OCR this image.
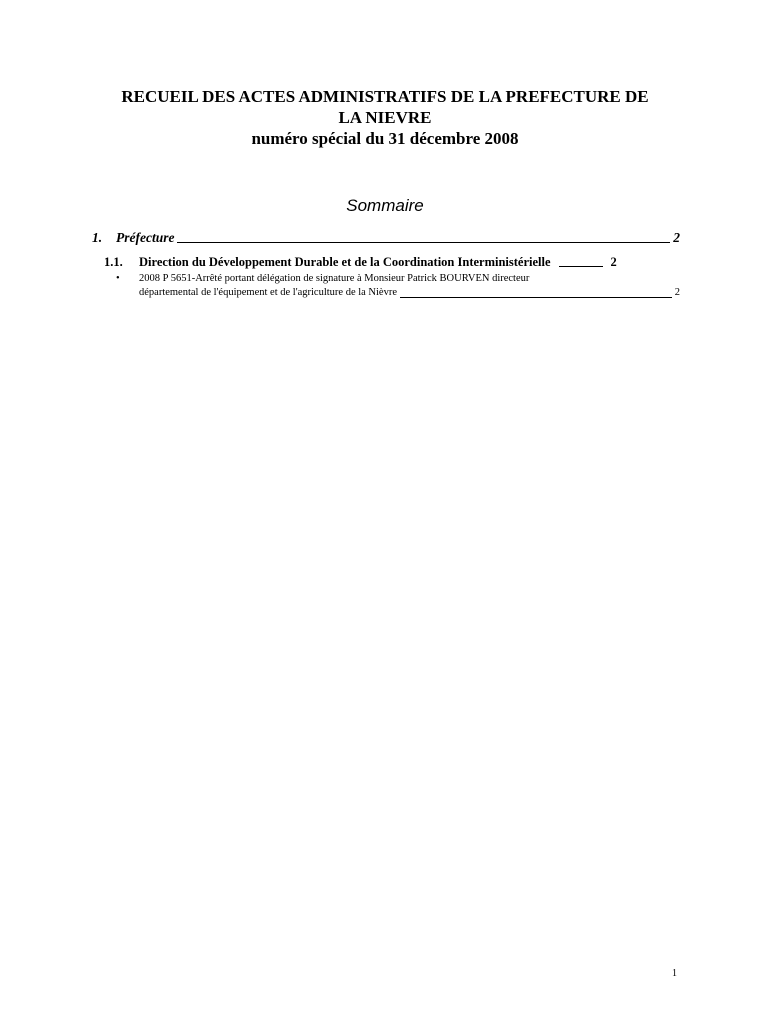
RECUEIL DES ACTES ADMINISTRATIFS DE LA PREFECTURE DE
LA NIEVRE
numéro spécial du 31 décembre 2008
Sommaire
1.	Préfecture	2
1.1.	Direction du Développement Durable et de la Coordination Interministérielle	2
• 2008 P 5651-Arrêté portant délégation de signature à Monsieur Patrick BOURVEN directeur
départemental de l'équipement et de l'agriculture de la Nièvre	2
1
